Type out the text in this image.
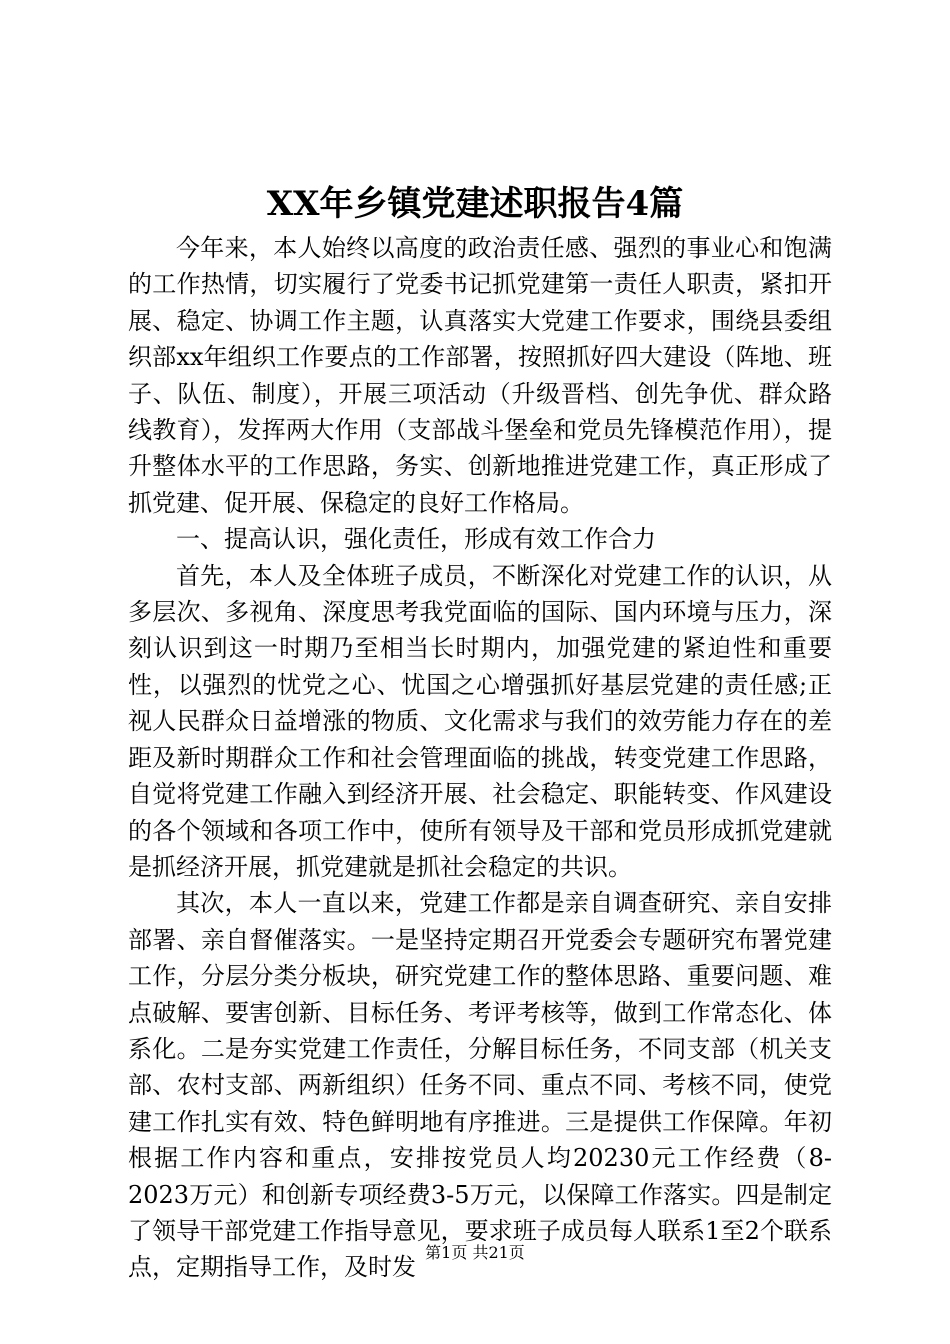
XX年乡镇党建述职报告4篇

今年来，本人始终以高度的政治责任感、强烈的事业心和饱满的工作热情，切实履行了党委书记抓党建第一责任人职责，紧扣开展、稳定、协调工作主题，认真落实大党建工作要求，围绕县委组织部xx年组织工作要点的工作部署，按照抓好四大建设（阵地、班子、队伍、制度），开展三项活动（升级晋档、创先争优、群众路线教育），发挥两大作用（支部战斗堡垒和党员先锋模范作用），提升整体水平的工作思路，务实、创新地推进党建工作，真正形成了抓党建、促开展、保稳定的良好工作格局。

一、提高认识，强化责任，形成有效工作合力

首先，本人及全体班子成员，不断深化对党建工作的认识，从多层次、多视角、深度思考我党面临的国际、国内环境与压力，深刻认识到这一时期乃至相当长时期内，加强党建的紧迫性和重要性，以强烈的忧党之心、忧国之心增强抓好基层党建的责任感;正视人民群众日益增涨的物质、文化需求与我们的效劳能力存在的差距及新时期群众工作和社会管理面临的挑战，转变党建工作思路，自觉将党建工作融入到经济开展、社会稳定、职能转变、作风建设的各个领域和各项工作中，使所有领导及干部和党员形成抓党建就是抓经济开展，抓党建就是抓社会稳定的共识。

其次，本人一直以来，党建工作都是亲自调查研究、亲自安排部署、亲自督催落实。一是坚持定期召开党委会专题研究布署党建工作，分层分类分板块，研究党建工作的整体思路、重要问题、难点破解、要害创新、目标任务、考评考核等，做到工作常态化、体系化。二是夯实党建工作责任，分解目标任务，不同支部（机关支部、农村支部、两新组织）任务不同、重点不同、考核不同，使党建工作扎实有效、特色鲜明地有序推进。三是提供工作保障。年初根据工作内容和重点，安排按党员人均20230元工作经费（8-2023万元）和创新专项经费3-5万元，以保障工作落实。四是制定了领导干部党建工作指导意见，要求班子成员每人联系1至2个联系点，定期指导工作，及时发

第1页 共21页
